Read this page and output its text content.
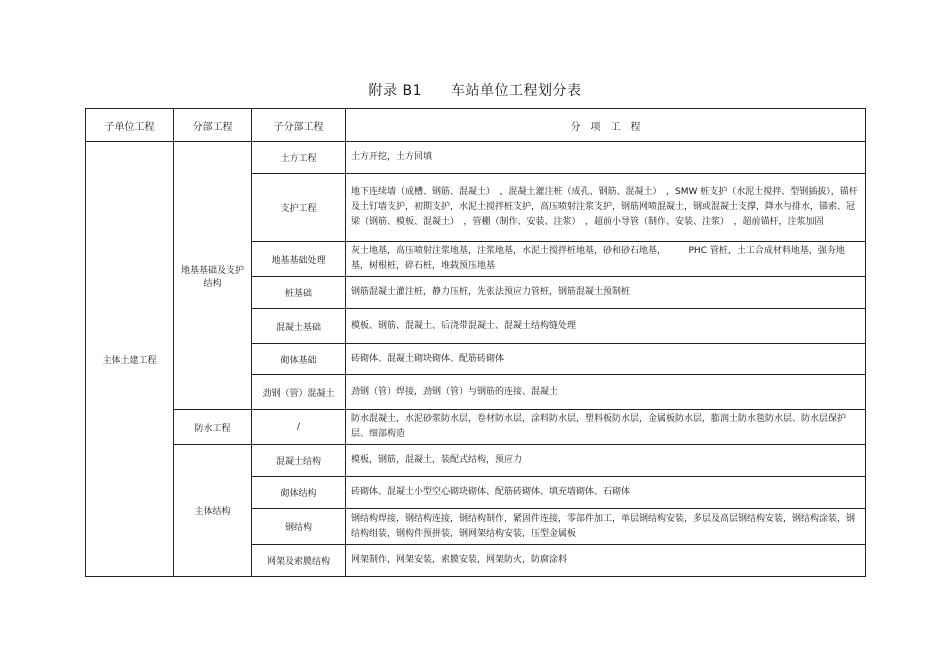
附录 B1　　车站单位工程划分表
子单位工程	分部工程	子分部工程	分　项　工　程
主体土建工程	地基基础及支护结构	土方工程	土方开挖，土方回填
		支护工程	地下连续墙（成槽、钢筋、混凝土）　，混凝土灌注桩（成孔、钢筋、混凝土）　，SMW 桩支护（水泥土搅拌、型钢插拔），锚杆及土钉墙支护，初期支护，水泥土搅拌桩支护，高压喷射注浆支护，钢筋网喷混凝土，钢或混凝土支撑，降水与排水，锚索、冠梁（钢筋、模板、混凝土）　，管棚（制作、安装、注浆）　，超前小导管（制作、安装、注浆）　，超前锚杆，注浆加固
		地基基础处理	灰土地基，高压喷射注浆地基，注浆地基，水泥土搅拌桩地基，砂和砂石地基，　　　PHC 管桩，土工合成材料地基，强夯地基，树根桩，碎石桩，堆载预压地基
		桩基础	钢筋混凝土灌注桩，静力压桩，先张法预应力管桩，钢筋混凝土预制桩
		混凝土基础	模板、钢筋、混凝土、后浇带混凝土、混凝土结构缝处理
		砌体基础	砖砌体、混凝土砌块砌体、配筋砖砌体
		劲钢（管）混凝土	劲钢（管）焊接，劲钢（管）与钢筋的连接、混凝土
	防水工程	/	防水混凝土，水泥砂浆防水层，卷材防水层，涂料防水层，塑料板防水层，金属板防水层，膨润土防水毯防水层、防水层保护层、细部构造
	主体结构	混凝土结构	模板，钢筋，混凝土，装配式结构，预应力
		砌体结构	砖砌体、混凝土小型空心砌块砌体、配筋砖砌体、填充墙砌体、石砌体
		钢结构	钢结构焊接，钢结构连接，钢结构制作，紧固件连接，零部件加工，单层钢结构安装，多层及高层钢结构安装，钢结构涂装，钢结构组装，钢构件预拼装，钢网架结构安装，压型金属板
		网架及索膜结构	网架制作，网架安装，索膜安装，网架防火，防腐涂料
